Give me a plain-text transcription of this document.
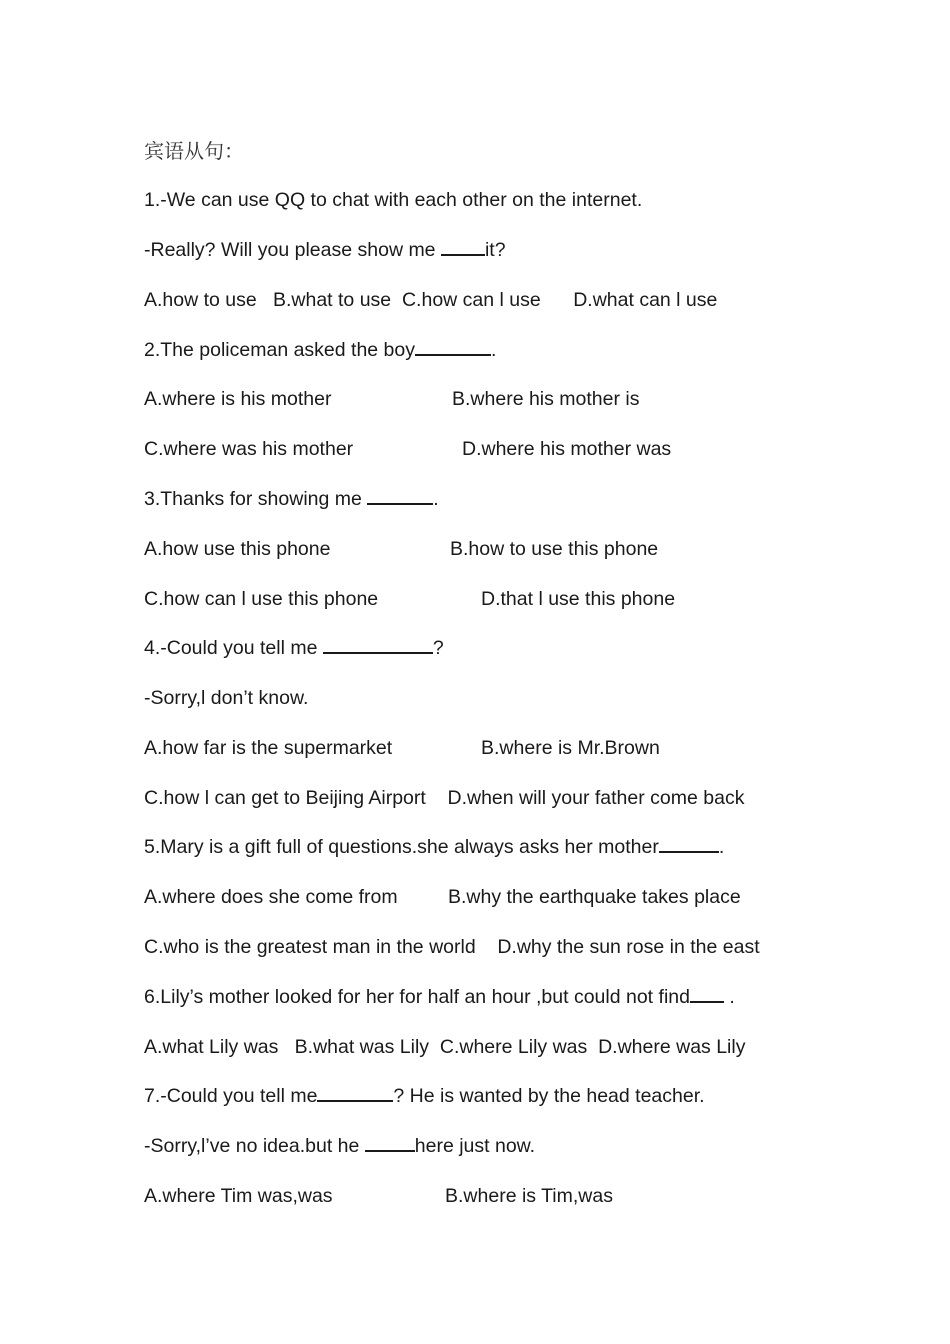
宾语从句：
1.-We can use QQ to chat with each other on the internet.
-Really? Will you please show me it?
A.how to use   B.what to use  C.how can l use      D.what can l use
2.The policeman asked the boy	.
A.where is his mother	B.where his mother is
C.where was his mother	D.where his mother was
3.Thanks for showing me	.
A.how use this phone	B.how to use this phone
C.how can l use this phone	D.that l use this phone
4.-Could you tell me	?
-Sorry,l don’t know.
A.how far is the supermarket	B.where is Mr.Brown
C.how l can get to Beijing Airport    D.when will your father come back
5.Mary is a gift full of questions.she always asks her mother	.
A.where does she come from	B.why the earthquake takes place
C.who is the greatest man in the world    D.why the sun rose in the east
6.Lily’s mother looked for her for half an hour ,but could not find .
A.what Lily was   B.what was Lily  C.where Lily was  D.where was Lily
7.-Could you tell me	? He is wanted by the head teacher.
-Sorry,l’ve no idea.but he	here just now.
A.where Tim was,was	B.where is Tim,was
